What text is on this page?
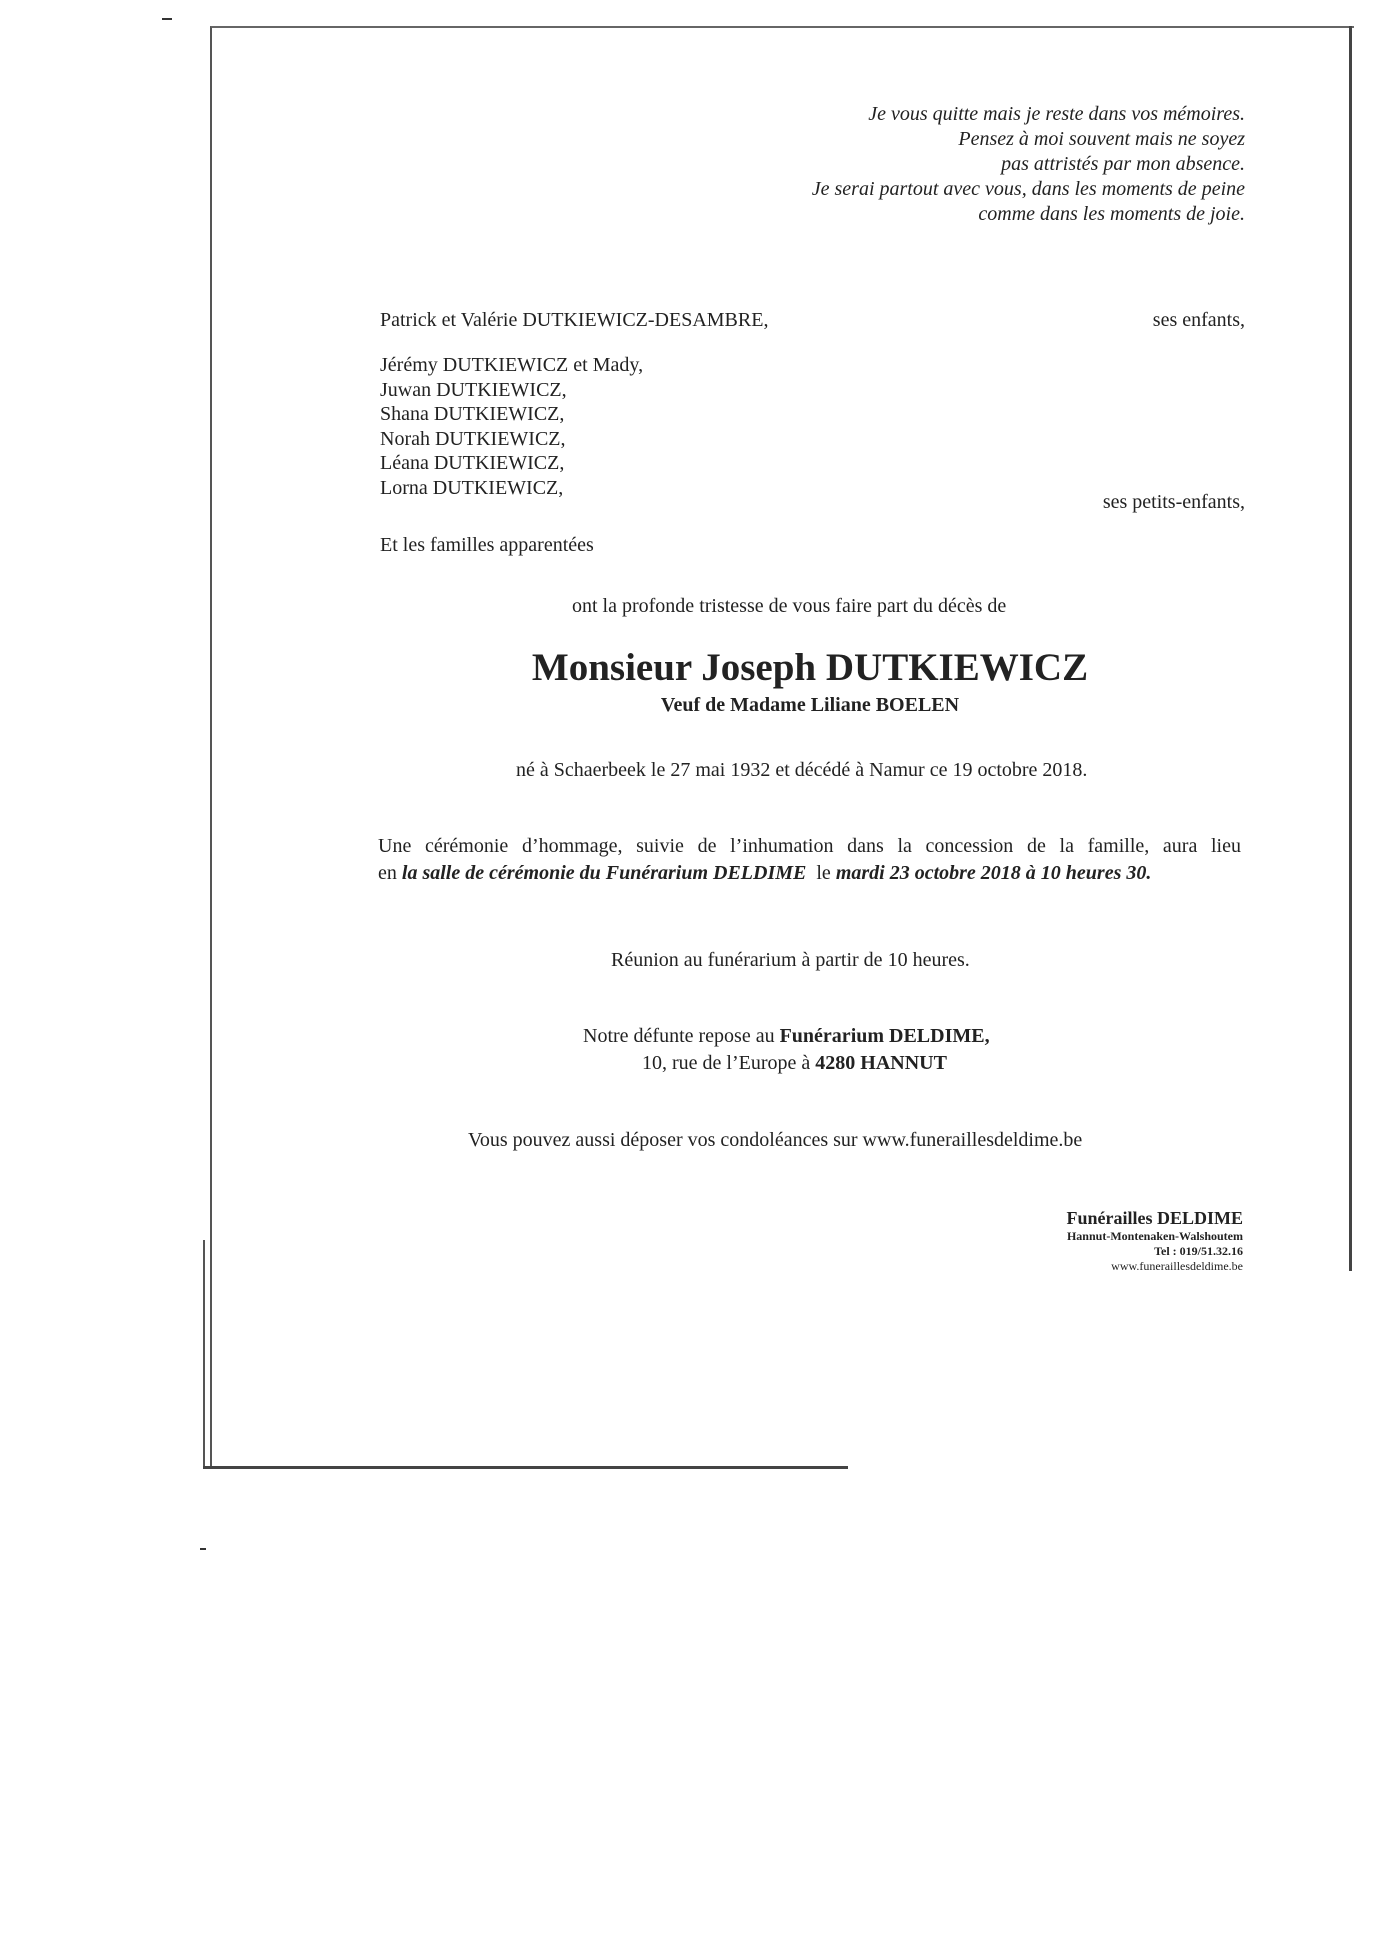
Je vous quitte mais je reste dans vos mémoires.
Pensez à moi souvent mais ne soyez
pas attristés par mon absence.
Je serai partout avec vous, dans les moments de peine
comme dans les moments de joie.
Patrick et Valérie DUTKIEWICZ-DESAMBRE,	ses enfants,
Jérémy DUTKIEWICZ et Mady,
Juwan DUTKIEWICZ,
Shana DUTKIEWICZ,
Norah DUTKIEWICZ,
Léana DUTKIEWICZ,
Lorna DUTKIEWICZ,
ses petits-enfants,
Et les familles apparentées
ont la profonde tristesse de vous faire part du décès de
Monsieur Joseph DUTKIEWICZ
Veuf de Madame Liliane BOELEN
né à Schaerbeek le 27 mai 1932 et décédé à Namur ce 19 octobre 2018.
Une cérémonie d’hommage, suivie de l’inhumation dans la concession de la famille, aura lieu
en la salle de cérémonie du Funérarium DELDIME le mardi 23 octobre 2018 à 10 heures 30.
Réunion au funérarium à partir de 10 heures.
Notre défunte repose au Funérarium DELDIME,
10, rue de l’Europe à 4280 HANNUT
Vous pouvez aussi déposer vos condoléances sur www.funeraillesdeldime.be
Funérailles DELDIME
Hannut-Montenaken-Walshoutem
Tel : 019/51.32.16
www.funeraillesdeldime.be
